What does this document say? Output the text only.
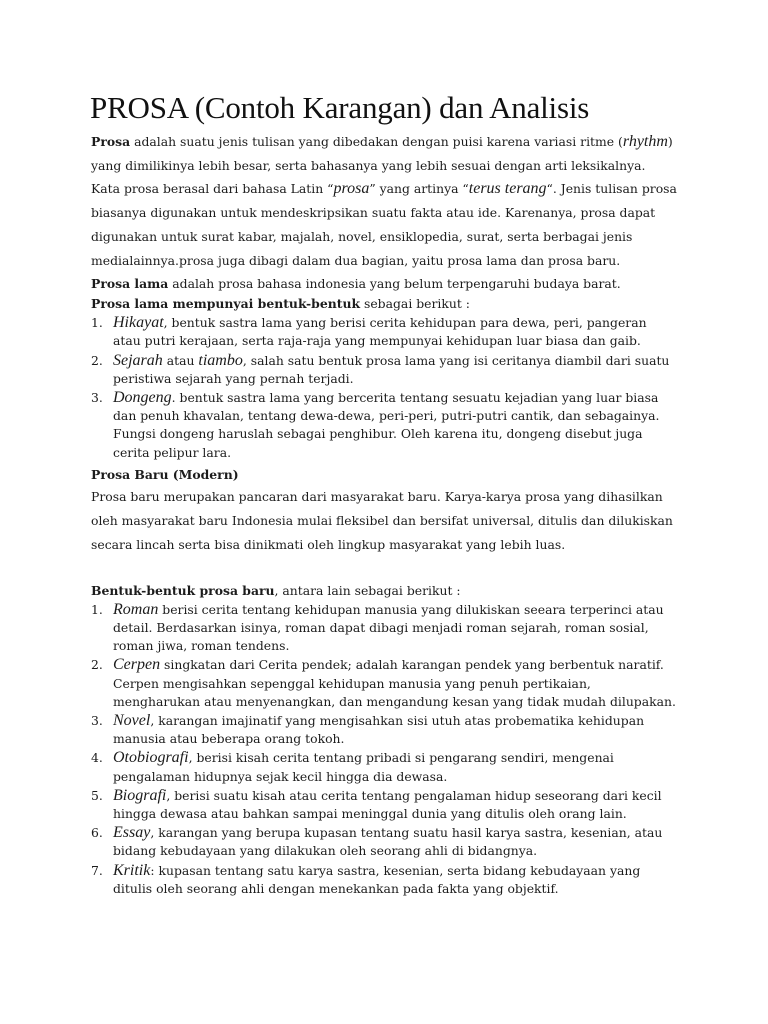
PROSA (Contoh Karangan) dan Analisis

Prosa adalah suatu jenis tulisan yang dibedakan dengan puisi karena variasi ritme (rhythm) yang dimilikinya lebih besar, serta bahasanya yang lebih sesuai dengan arti leksikalnya. Kata prosa berasal dari bahasa Latin “prosa” yang artinya “terus terang“. Jenis tulisan prosa biasanya digunakan untuk mendeskripsikan suatu fakta atau ide. Karenanya, prosa dapat digunakan untuk surat kabar, majalah, novel, ensiklopedia, surat, serta berbagai jenis medialainnya.prosa juga dibagi dalam dua bagian, yaitu prosa lama dan prosa baru.

Prosa lama adalah prosa bahasa indonesia yang belum terpengaruhi budaya barat.

Prosa lama mempunyai bentuk-bentuk sebagai berikut :

1. Hikayat, bentuk sastra lama yang berisi cerita kehidupan para dewa, peri, pangeran atau putri kerajaan, serta raja-raja yang mempunyai kehidupan luar biasa dan gaib.
2. Sejarah atau tiambo, salah satu bentuk prosa lama yang isi ceritanya diambil dari suatu peristiwa sejarah yang pernah terjadi.
3. Dongeng. bentuk sastra lama yang bercerita tentang sesuatu kejadian yang luar biasa dan penuh khavalan, tentang dewa-dewa, peri-peri, putri-putri cantik, dan sebagainya. Fungsi dongeng haruslah sebagai penghibur. Oleh karena itu, dongeng disebut juga cerita pelipur lara.

Prosa Baru (Modern)

Prosa baru merupakan pancaran dari masyarakat baru. Karya-karya prosa yang dihasilkan oleh masyarakat baru Indonesia mulai fleksibel dan bersifat universal, ditulis dan dilukiskan secara lincah serta bisa dinikmati oleh lingkup masyarakat yang lebih luas.

Bentuk-bentuk prosa baru, antara lain sebagai berikut :

1. Roman berisi cerita tentang kehidupan manusia yang dilukiskan seeara terperinci atau detail. Berdasarkan isinya, roman dapat dibagi menjadi roman sejarah, roman sosial, roman jiwa, roman tendens.
2. Cerpen singkatan dari Cerita pendek; adalah karangan pendek yang berbentuk naratif. Cerpen mengisahkan sepenggal kehidupan manusia yang penuh pertikaian, mengharukan atau menyenangkan, dan mengandung kesan yang tidak mudah dilupakan.
3. Novel, karangan imajinatif yang mengisahkan sisi utuh atas probematika kehidupan manusia atau beberapa orang tokoh.
4. Otobiografi, berisi kisah cerita tentang pribadi si pengarang sendiri, mengenai pengalaman hidupnya sejak kecil hingga dia dewasa.
5. Biografi, berisi suatu kisah atau cerita tentang pengalaman hidup seseorang dari kecil hingga dewasa atau bahkan sampai meninggal dunia yang ditulis oleh orang lain.
6. Essay, karangan yang berupa kupasan tentang suatu hasil karya sastra, kesenian, atau bidang kebudayaan yang dilakukan oleh seorang ahli di bidangnya.
7. Kritik: kupasan tentang satu karya sastra, kesenian, serta bidang kebudayaan yang ditulis oleh seorang ahli dengan menekankan pada fakta yang objektif.
